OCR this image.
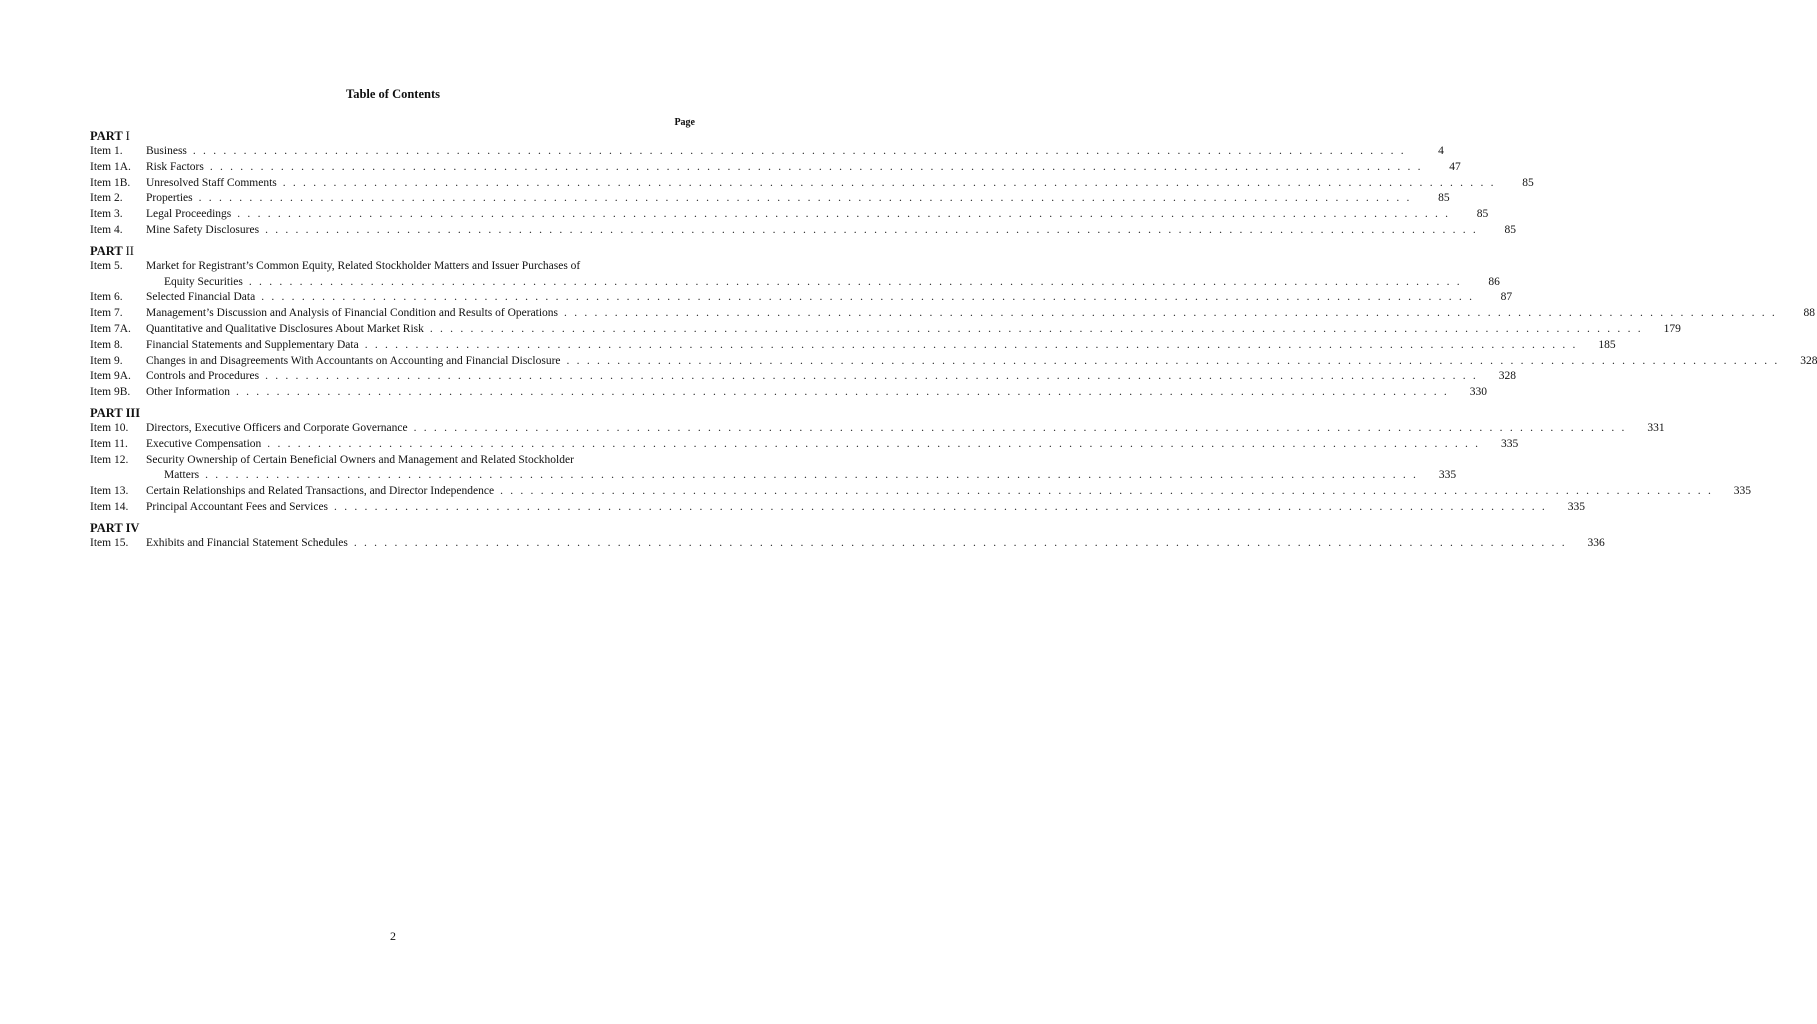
Table of Contents
Page
PART I
Item 1.	Business . . . . . . . . . . . . . . . . . . . . . . . . . . . . . . . . . . . . . . . . . . . . . . . . . . . . . . . . . . . . . . . . . . . . . . . . . . . . . . . . . . . . . . . . . . . . . . . . . . . . . . . . . . . . . . . . . . . . . . . .	4
Item 1A.	Risk Factors . . . . . . . . . . . . . . . . . . . . . . . . . . . . . . . . . . . . . . . . . . . . . . . . . . . . . . . . . . . . . . . . . . . . . . . . . . . . . . . . . . . . . . . . . . . . . . . . . . . . . . . . . . . . . . . . . . . . . . . .	47
Item 1B.	Unresolved Staff Comments . . . . . . . . . . . . . . . . . . . . . . . . . . . . . . . . . . . . . . . . . . . . . . . . . . . . . . . . . . . . . . . . . . . . . . . . . . . . . . . . . . . . . . . . . . . . . . . . . . . . . . . . . . . . . . . . . . . . . . . .	85
Item 2.	Properties . . . . . . . . . . . . . . . . . . . . . . . . . . . . . . . . . . . . . . . . . . . . . . . . . . . . . . . . . . . . . . . . . . . . . . . . . . . . . . . . . . . . . . . . . . . . . . . . . . . . . . . . . . . . . . . . . . . . . . . .	85
Item 3.	Legal Proceedings . . . . . . . . . . . . . . . . . . . . . . . . . . . . . . . . . . . . . . . . . . . . . . . . . . . . . . . . . . . . . . . . . . . . . . . . . . . . . . . . . . . . . . . . . . . . . . . . . . . . . . . . . . . . . . . . . . . . . . . .	85
Item 4.	Mine Safety Disclosures . . . . . . . . . . . . . . . . . . . . . . . . . . . . . . . . . . . . . . . . . . . . . . . . . . . . . . . . . . . . . . . . . . . . . . . . . . . . . . . . . . . . . . . . . . . . . . . . . . . . . . . . . . . . . . . . . . . . . . . .	85
PART II
Item 5.	Market for Registrant’s Common Equity, Related Stockholder Matters and Issuer Purchases of
Equity Securities . . . . . . . . . . . . . . . . . . . . . . . . . . . . . . . . . . . . . . . . . . . . . . . . . . . . . . . . . . . . . . . . . . . . . . . . . . . . . . . . . . . . . . . . . . . . . . . . . . . . . . . . . . . . . . . . . . . . . . . .	86
Item 6.	Selected Financial Data . . . . . . . . . . . . . . . . . . . . . . . . . . . . . . . . . . . . . . . . . . . . . . . . . . . . . . . . . . . . . . . . . . . . . . . . . . . . . . . . . . . . . . . . . . . . . . . . . . . . . . . . . . . . . . . . . . . . . . . .	87
Item 7.	Management’s Discussion and Analysis of Financial Condition and Results of Operations . . . . . . . . . . . . . . . . . . . . . . . . . . . . . . . . . . . . . . . . . . . . . . . . . . . . . . . . . . . . . . . . . . . . . . . . . . . . . . . . . . . . . . . . . . . . . . . . . . . . . . . . . . . . . . . . . . . . . . . .	88
Item 7A.	Quantitative and Qualitative Disclosures About Market Risk . . . . . . . . . . . . . . . . . . . . . . . . . . . . . . . . . . . . . . . . . . . . . . . . . . . . . . . . . . . . . . . . . . . . . . . . . . . . . . . . . . . . . . . . . . . . . . . . . . . . . . . . . . . . . . . . . . . . . . . .	179
Item 8.	Financial Statements and Supplementary Data . . . . . . . . . . . . . . . . . . . . . . . . . . . . . . . . . . . . . . . . . . . . . . . . . . . . . . . . . . . . . . . . . . . . . . . . . . . . . . . . . . . . . . . . . . . . . . . . . . . . . . . . . . . . . . . . . . . . . . . .	185
Item 9.	Changes in and Disagreements With Accountants on Accounting and Financial Disclosure . . . . . . . . . . . . . . . . . . . . . . . . . . . . . . . . . . . . . . . . . . . . . . . . . . . . . . . . . . . . . . . . . . . . . . . . . . . . . . . . . . . . . . . . . . . . . . . . . . . . . . . . . . . . . . . . . . . . . . . .	328
Item 9A.	Controls and Procedures . . . . . . . . . . . . . . . . . . . . . . . . . . . . . . . . . . . . . . . . . . . . . . . . . . . . . . . . . . . . . . . . . . . . . . . . . . . . . . . . . . . . . . . . . . . . . . . . . . . . . . . . . . . . . . . . . . . . . . . .	328
Item 9B.	Other Information . . . . . . . . . . . . . . . . . . . . . . . . . . . . . . . . . . . . . . . . . . . . . . . . . . . . . . . . . . . . . . . . . . . . . . . . . . . . . . . . . . . . . . . . . . . . . . . . . . . . . . . . . . . . . . . . . . . . . . . .	330
PART III
Item 10.	Directors, Executive Officers and Corporate Governance . . . . . . . . . . . . . . . . . . . . . . . . . . . . . . . . . . . . . . . . . . . . . . . . . . . . . . . . . . . . . . . . . . . . . . . . . . . . . . . . . . . . . . . . . . . . . . . . . . . . . . . . . . . . . . . . . . . . . . . .	331
Item 11.	Executive Compensation . . . . . . . . . . . . . . . . . . . . . . . . . . . . . . . . . . . . . . . . . . . . . . . . . . . . . . . . . . . . . . . . . . . . . . . . . . . . . . . . . . . . . . . . . . . . . . . . . . . . . . . . . . . . . . . . . . . . . . . .	335
Item 12.	Security Ownership of Certain Beneficial Owners and Management and Related Stockholder
Matters . . . . . . . . . . . . . . . . . . . . . . . . . . . . . . . . . . . . . . . . . . . . . . . . . . . . . . . . . . . . . . . . . . . . . . . . . . . . . . . . . . . . . . . . . . . . . . . . . . . . . . . . . . . . . . . . . . . . . . . .	335
Item 13.	Certain Relationships and Related Transactions, and Director Independence . . . . . . . . . . . . . . . . . . . . . . . . . . . . . . . . . . . . . . . . . . . . . . . . . . . . . . . . . . . . . . . . . . . . . . . . . . . . . . . . . . . . . . . . . . . . . . . . . . . . . . . . . . . . . . . . . . . . . . . .	335
Item 14.	Principal Accountant Fees and Services . . . . . . . . . . . . . . . . . . . . . . . . . . . . . . . . . . . . . . . . . . . . . . . . . . . . . . . . . . . . . . . . . . . . . . . . . . . . . . . . . . . . . . . . . . . . . . . . . . . . . . . . . . . . . . . . . . . . . . . .	335
PART IV
Item 15.	Exhibits and Financial Statement Schedules . . . . . . . . . . . . . . . . . . . . . . . . . . . . . . . . . . . . . . . . . . . . . . . . . . . . . . . . . . . . . . . . . . . . . . . . . . . . . . . . . . . . . . . . . . . . . . . . . . . . . . . . . . . . . . . . . . . . . . . .	336
2
